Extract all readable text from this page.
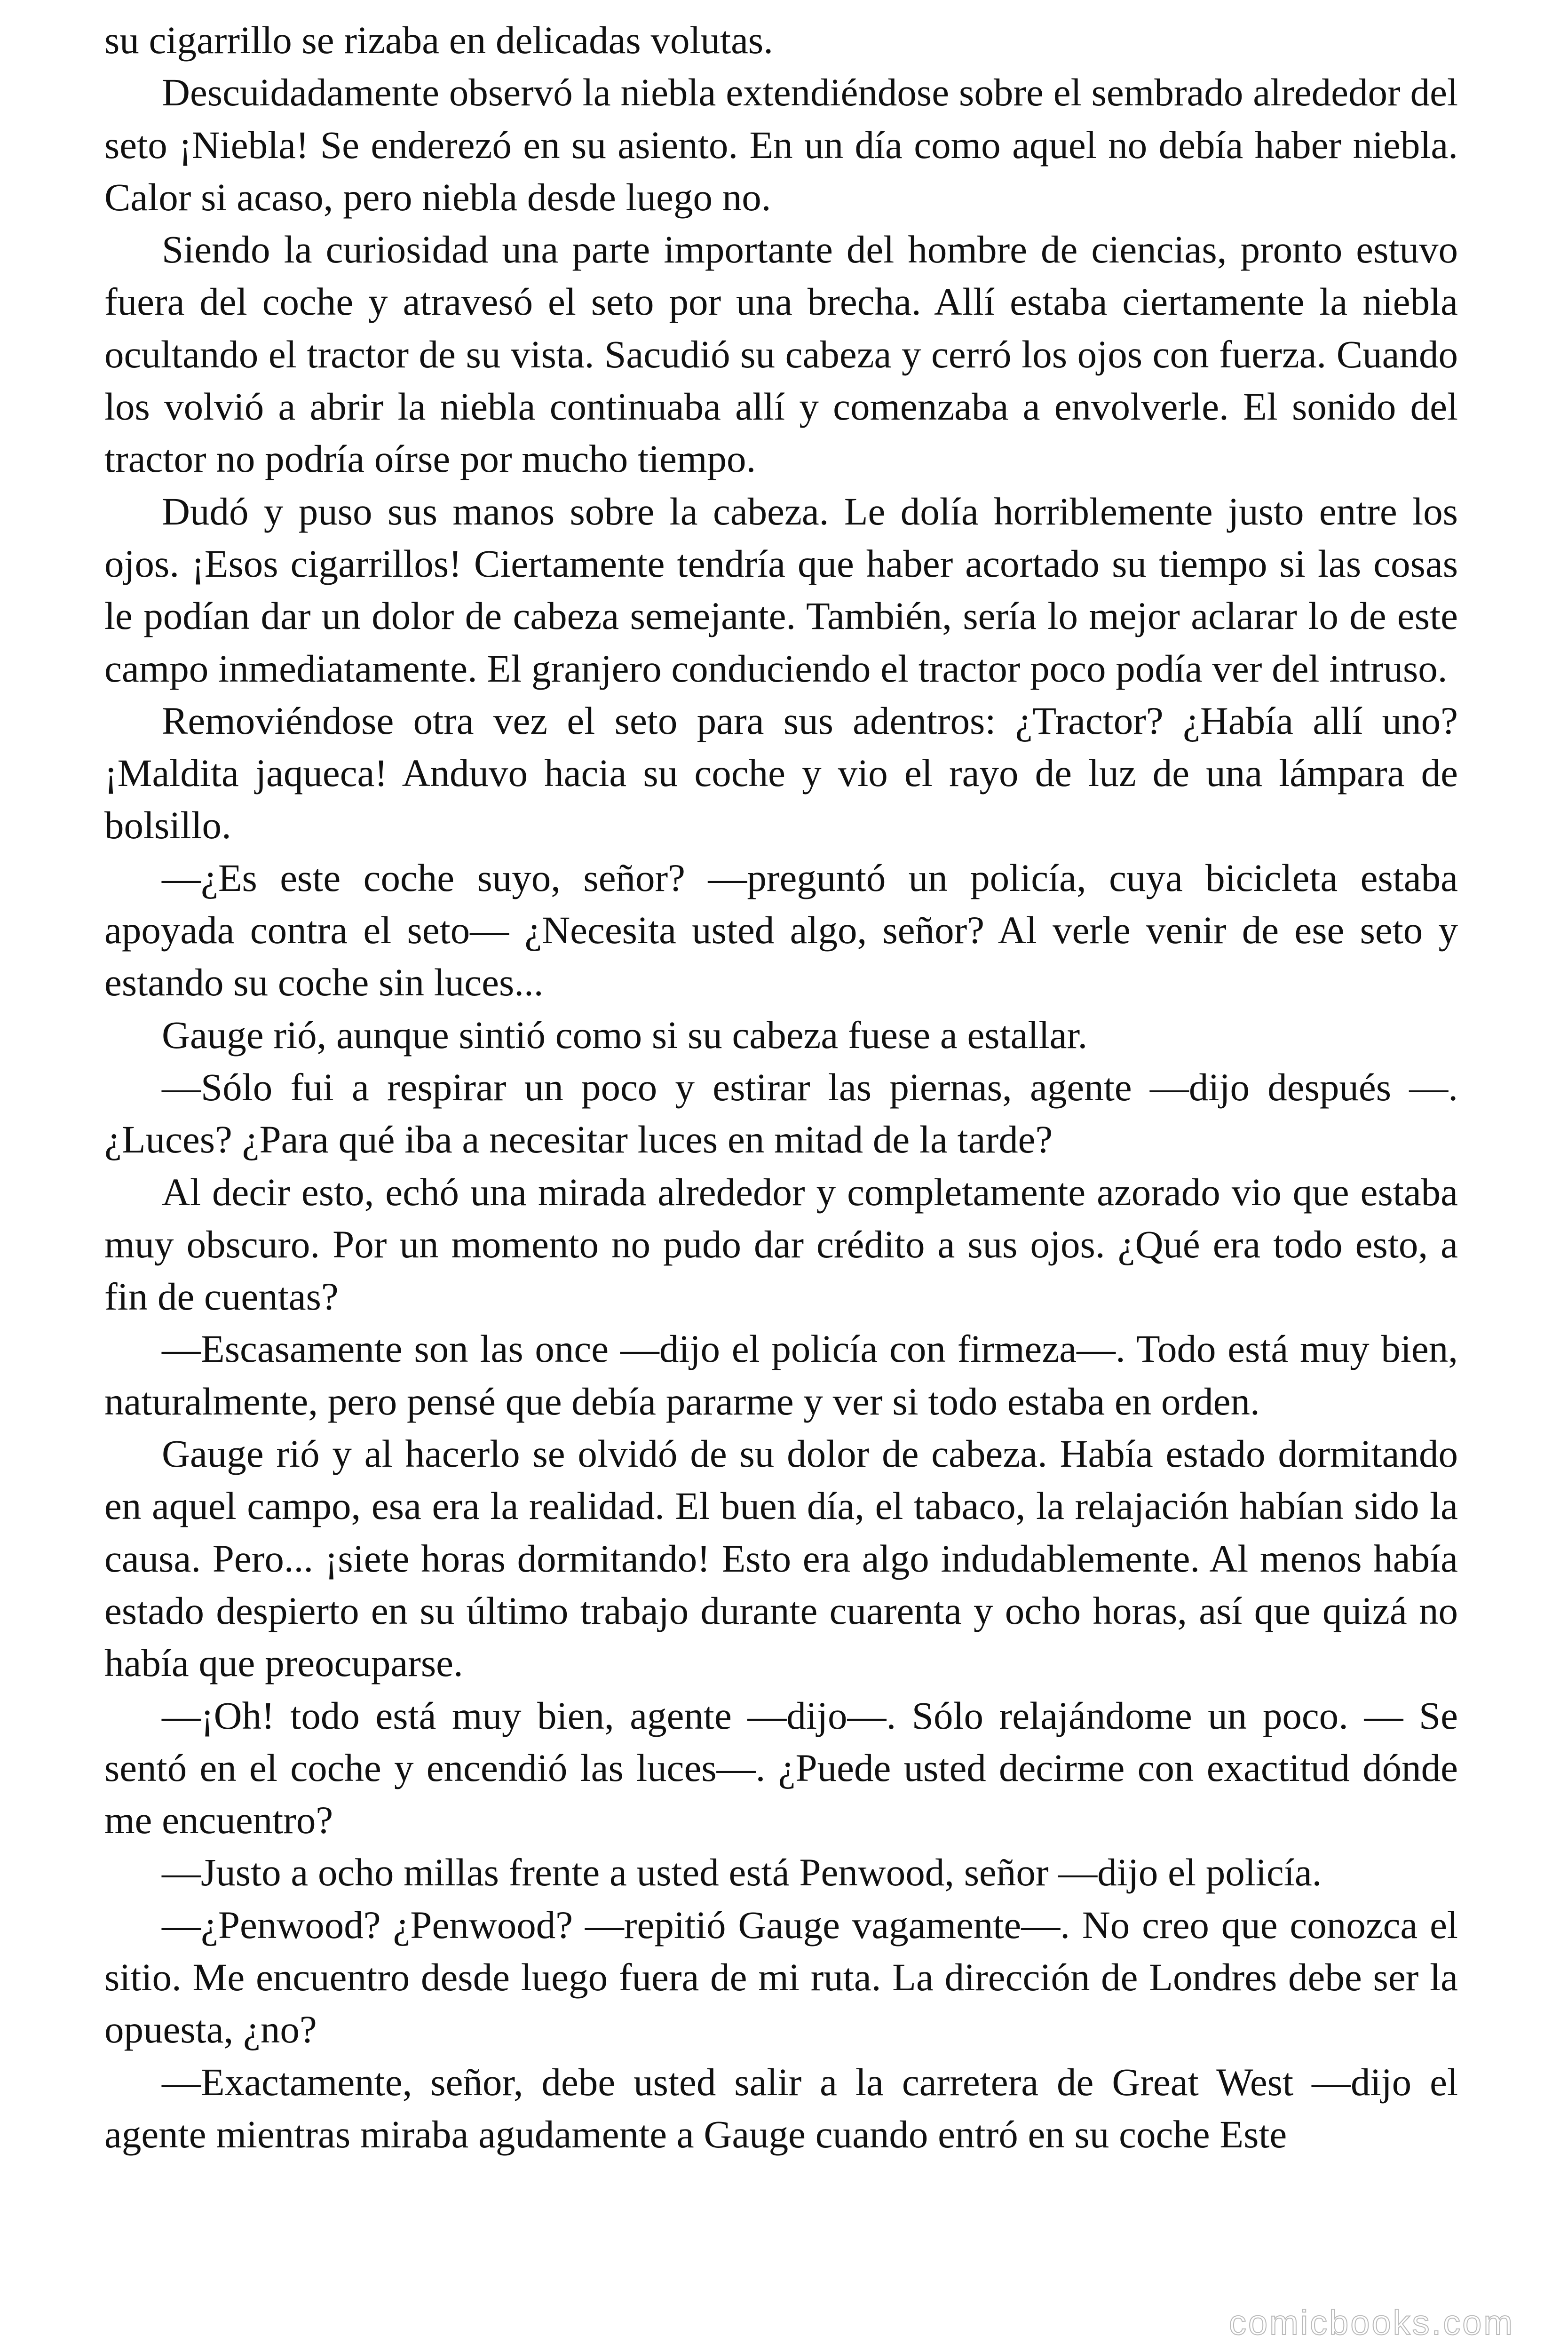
su cigarrillo se rizaba en delicadas volutas.

Descuidadamente observó la niebla extendiéndose sobre el sembrado alrededor del seto ¡Niebla! Se enderezó en su asiento. En un día como aquel no debía haber niebla. Calor si acaso, pero niebla desde luego no.

Siendo la curiosidad una parte importante del hombre de ciencias, pronto estuvo fuera del coche y atravesó el seto por una brecha. Allí estaba ciertamente la niebla ocultando el tractor de su vista. Sacudió su cabeza y cerró los ojos con fuerza. Cuando los volvió a abrir la niebla continuaba allí y comenzaba a envolverle. El sonido del tractor no podría oírse por mucho tiempo.

Dudó y puso sus manos sobre la cabeza. Le dolía horriblemente justo entre los ojos. ¡Esos cigarrillos! Ciertamente tendría que haber acortado su tiempo si las cosas le podían dar un dolor de cabeza semejante. También, sería lo mejor aclarar lo de este campo inmediatamente. El granjero conduciendo el tractor poco podía ver del intruso.

Removiéndose otra vez el seto para sus adentros: ¿Tractor? ¿Había allí uno? ¡Maldita jaqueca! Anduvo hacia su coche y vio el rayo de luz de una lámpara de bolsillo.

—¿Es este coche suyo, señor? —preguntó un policía, cuya bicicleta estaba apoyada contra el seto— ¿Necesita usted algo, señor? Al verle venir de ese seto y estando su coche sin luces...

Gauge rió, aunque sintió como si su cabeza fuese a estallar.

—Sólo fui a respirar un poco y estirar las piernas, agente —dijo después —. ¿Luces? ¿Para qué iba a necesitar luces en mitad de la tarde?

Al decir esto, echó una mirada alrededor y completamente azorado vio que estaba muy obscuro. Por un momento no pudo dar crédito a sus ojos. ¿Qué era todo esto, a fin de cuentas?

—Escasamente son las once —dijo el policía con firmeza—. Todo está muy bien, naturalmente, pero pensé que debía pararme y ver si todo estaba en orden.

Gauge rió y al hacerlo se olvidó de su dolor de cabeza. Había estado dormitando en aquel campo, esa era la realidad. El buen día, el tabaco, la relajación habían sido la causa. Pero... ¡siete horas dormitando! Esto era algo indudablemente. Al menos había estado despierto en su último trabajo durante cuarenta y ocho horas, así que quizá no había que preocuparse.

—¡Oh! todo está muy bien, agente —dijo—. Sólo relajándome un poco. — Se sentó en el coche y encendió las luces—. ¿Puede usted decirme con exactitud dónde me encuentro?

—Justo a ocho millas frente a usted está Penwood, señor —dijo el policía.

—¿Penwood? ¿Penwood? —repitió Gauge vagamente—. No creo que conozca el sitio. Me encuentro desde luego fuera de mi ruta. La dirección de Londres debe ser la opuesta, ¿no?

—Exactamente, señor, debe usted salir a la carretera de Great West —dijo el agente mientras miraba agudamente a Gauge cuando entró en su coche Este

comicbooks.com
